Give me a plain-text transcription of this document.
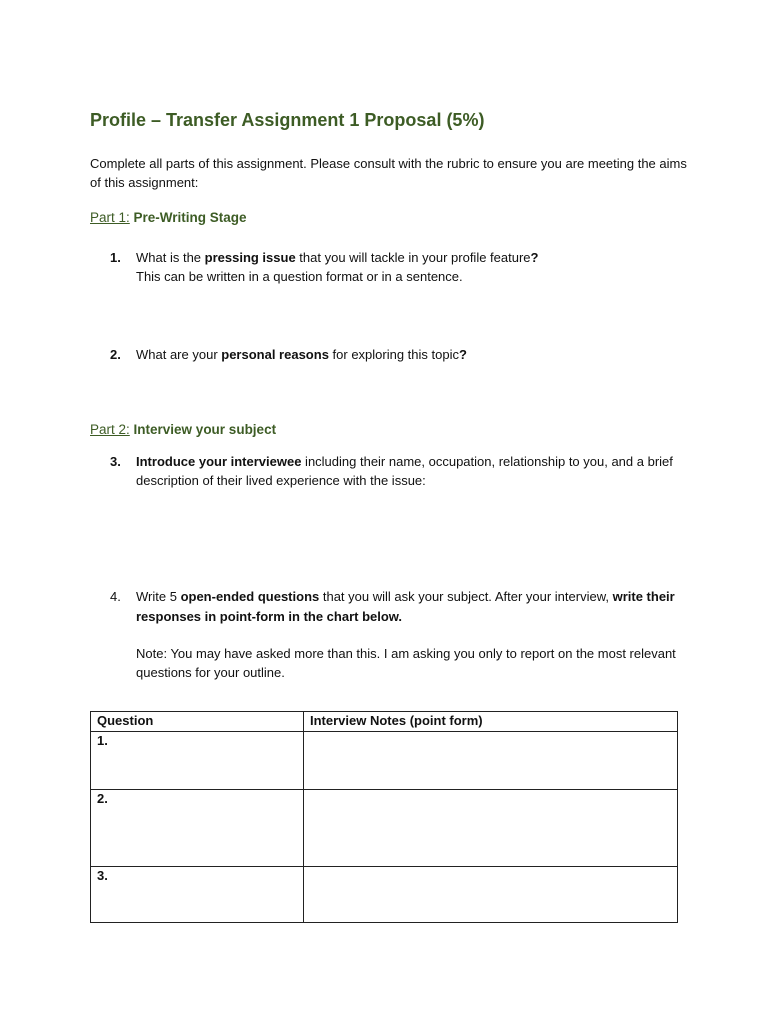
Profile – Transfer Assignment 1 Proposal (5%)

Complete all parts of this assignment. Please consult with the rubric to ensure you are meeting the aims of this assignment:

Part 1: Pre-Writing Stage

1.	What is the pressing issue that you will tackle in your profile feature?

This can be written in a question format or in a sentence.

2.	What are your personal reasons for exploring this topic?

Part 2: Interview your subject

3.	Introduce your interviewee including their name, occupation, relationship to you, and a brief description of their lived experience with the issue:

4.	Write 5 open-ended questions that you will ask your subject. After your interview, write their responses in point-form in the chart below.

Note: You may have asked more than this. I am asking you only to report on the most relevant questions for your outline.

Question	Interview Notes (point form)
1.	
2.	
3.	
